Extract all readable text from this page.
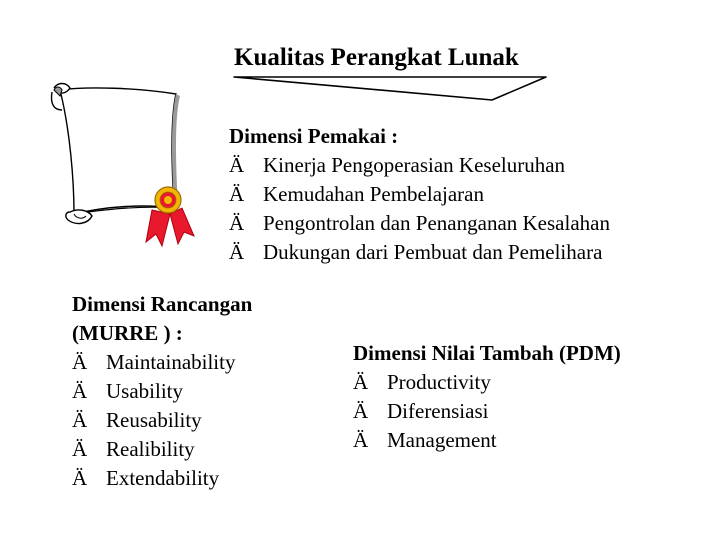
Kualitas Perangkat Lunak
Dimensi Pemakai :
Ä Kinerja Pengoperasian Keseluruhan
Ä Kemudahan Pembelajaran
Ä Pengontrolan dan Penanganan Kesalahan
Ä Dukungan dari Pembuat dan Pemelihara
Dimensi Rancangan
(MURRE ) :
Ä Maintainability
Ä Usability
Ä Reusability
Ä Realibility
Ä Extendability
Dimensi Nilai Tambah (PDM)
Ä Productivity
Ä Diferensiasi
Ä Management
